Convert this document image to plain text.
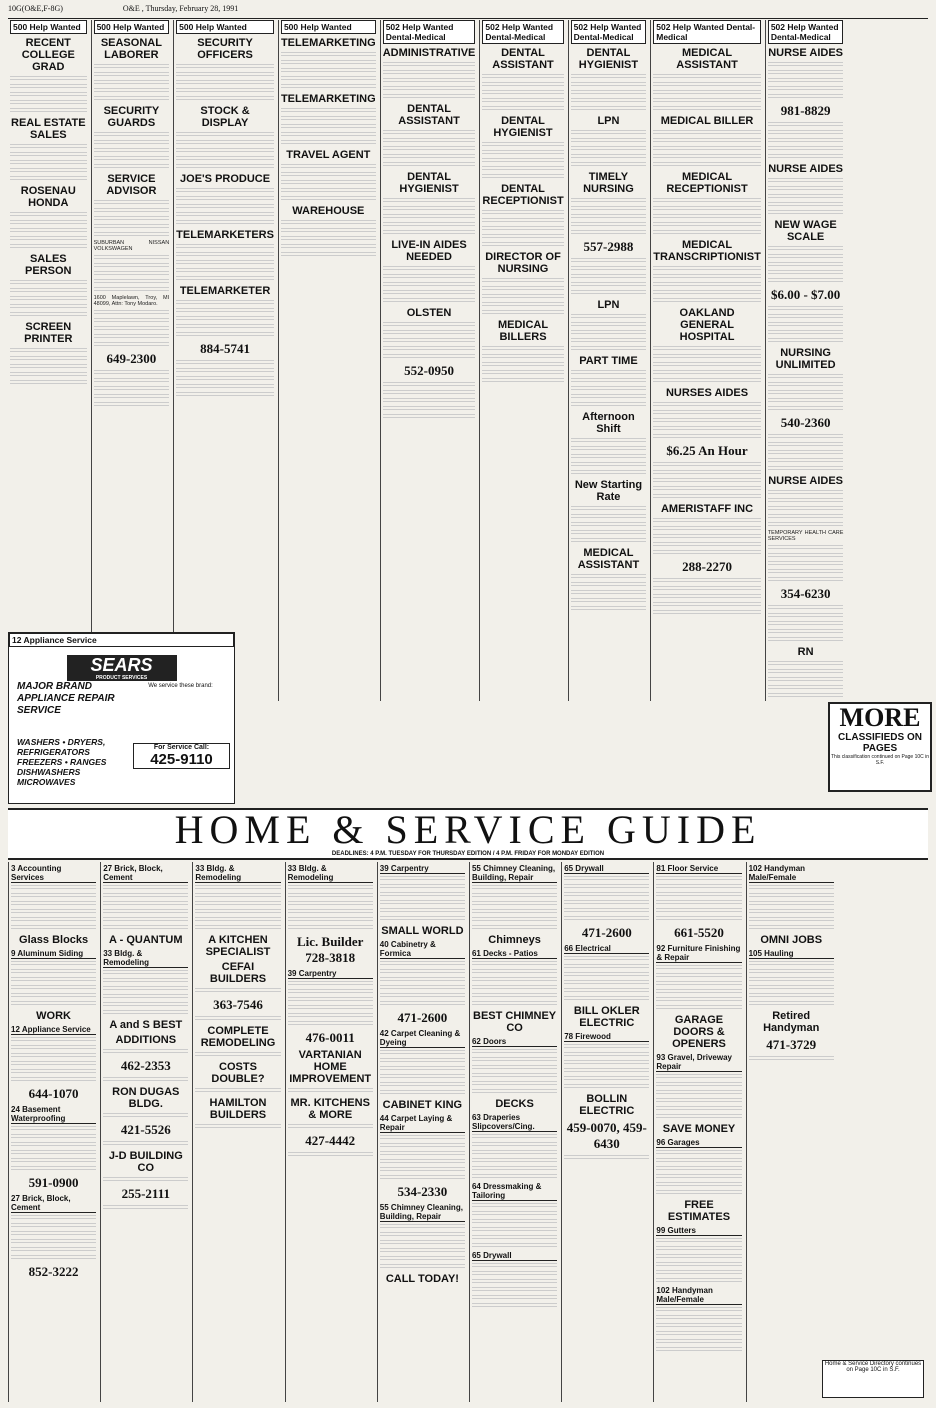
10G(O&E,F-8G)	O&E , Thursday, February 28, 1991
500 Help Wanted
RECENT COLLEGE GRAD
REAL ESTATE SALES
ROSENAU HONDA
SALES PERSON
SCREEN PRINTER
500 Help Wanted
SEASONAL LABORER
SECURITY GUARDS
SERVICE ADVISOR
SUBURBAN NISSAN VOLKSWAGEN
1600 Maplelawn, Troy, MI 48099, Attn: Tony Modaro.
649-2300
500 Help Wanted
SECURITY OFFICERS
STOCK & DISPLAY
JOE'S PRODUCE
TELEMARKETERS
TELEMARKETER
884-5741
500 Help Wanted
TELEMARKETING
TELEMARKETING
TRAVEL AGENT
WAREHOUSE
502 Help Wanted Dental-Medical
ADMINISTRATIVE
DENTAL ASSISTANT
DENTAL HYGIENIST
LIVE-IN AIDES NEEDED
OLSTEN
552-0950
502 Help Wanted Dental-Medical
DENTAL ASSISTANT
DENTAL HYGIENIST
DENTAL RECEPTIONIST
DIRECTOR OF NURSING
MEDICAL BILLERS
502 Help Wanted Dental-Medical
DENTAL HYGIENIST
LPN
TIMELY NURSING
557-2988
LPN
PART TIME
Afternoon Shift
New Starting Rate
MEDICAL ASSISTANT
502 Help Wanted Dental-Medical
MEDICAL ASSISTANT
MEDICAL BILLER
MEDICAL RECEPTIONIST
MEDICAL TRANSCRIPTIONIST
OAKLAND GENERAL HOSPITAL
NURSES AIDES
$6.25 An Hour
AMERISTAFF INC
288-2270
502 Help Wanted Dental-Medical
NURSE AIDES
981-8829
NURSE AIDES
NEW WAGE SCALE
$6.00 - $7.00
NURSING UNLIMITED
540-2360
NURSE AIDES
TEMPORARY HEALTH CARE SERVICES
354-6230
RN
12 Appliance Service
SEARS
PRODUCT SERVICES
MAJOR BRAND APPLIANCE REPAIR SERVICE
We service these brand:
WASHERS • DRYERS, REFRIGERATORS FREEZERS • RANGES DISHWASHERS MICROWAVES
For Service Call:
425-9110
MORE
CLASSIFIEDS ON PAGES
This classification continued on Page 10C in S.F.
HOME & SERVICE GUIDE
DEADLINES: 4 P.M. TUESDAY FOR THURSDAY EDITION / 4 P.M. FRIDAY FOR MONDAY EDITION
3 Accounting Services
Glass Blocks
9 Aluminum Siding
WORK
12 Appliance Service
644-1070
24 Basement Waterproofing
591-0900
27 Brick, Block, Cement
852-3222
27 Brick, Block, Cement
A - QUANTUM
33 Bldg. & Remodeling
A and S BEST
ADDITIONS
462-2353
RON DUGAS BLDG.
421-5526
J-D BUILDING CO
255-2111
33 Bldg. & Remodeling
A KITCHEN SPECIALIST
CEFAI BUILDERS
363-7546
COMPLETE REMODELING
COSTS DOUBLE?
HAMILTON BUILDERS
33 Bldg. & Remodeling
Lic. Builder 728-3818
39 Carpentry
476-0011
VARTANIAN HOME IMPROVEMENT
MR. KITCHENS & MORE
427-4442
39 Carpentry
SMALL WORLD
40 Cabinetry & Formica
471-2600
42 Carpet Cleaning & Dyeing
CABINET KING
44 Carpet Laying & Repair
534-2330
55 Chimney Cleaning, Building, Repair
CALL TODAY!
55 Chimney Cleaning, Building, Repair
Chimneys
61 Decks - Patios
BEST CHIMNEY CO
62 Doors
DECKS
63 Draperies Slipcovers/Cing.
64 Dressmaking & Tailoring
65 Drywall
65 Drywall
471-2600
66 Electrical
BILL OKLER ELECTRIC
78 Firewood
BOLLIN ELECTRIC
459-0070, 459-6430
81 Floor Service
661-5520
92 Furniture Finishing & Repair
GARAGE DOORS & OPENERS
93 Gravel, Driveway Repair
SAVE MONEY
96 Garages
FREE ESTIMATES
99 Gutters
102 Handyman Male/Female
102 Handyman Male/Female
OMNI JOBS
105 Hauling
Retired Handyman
471-3729
Home & Service Directory continues on Page 10C in S.F.
